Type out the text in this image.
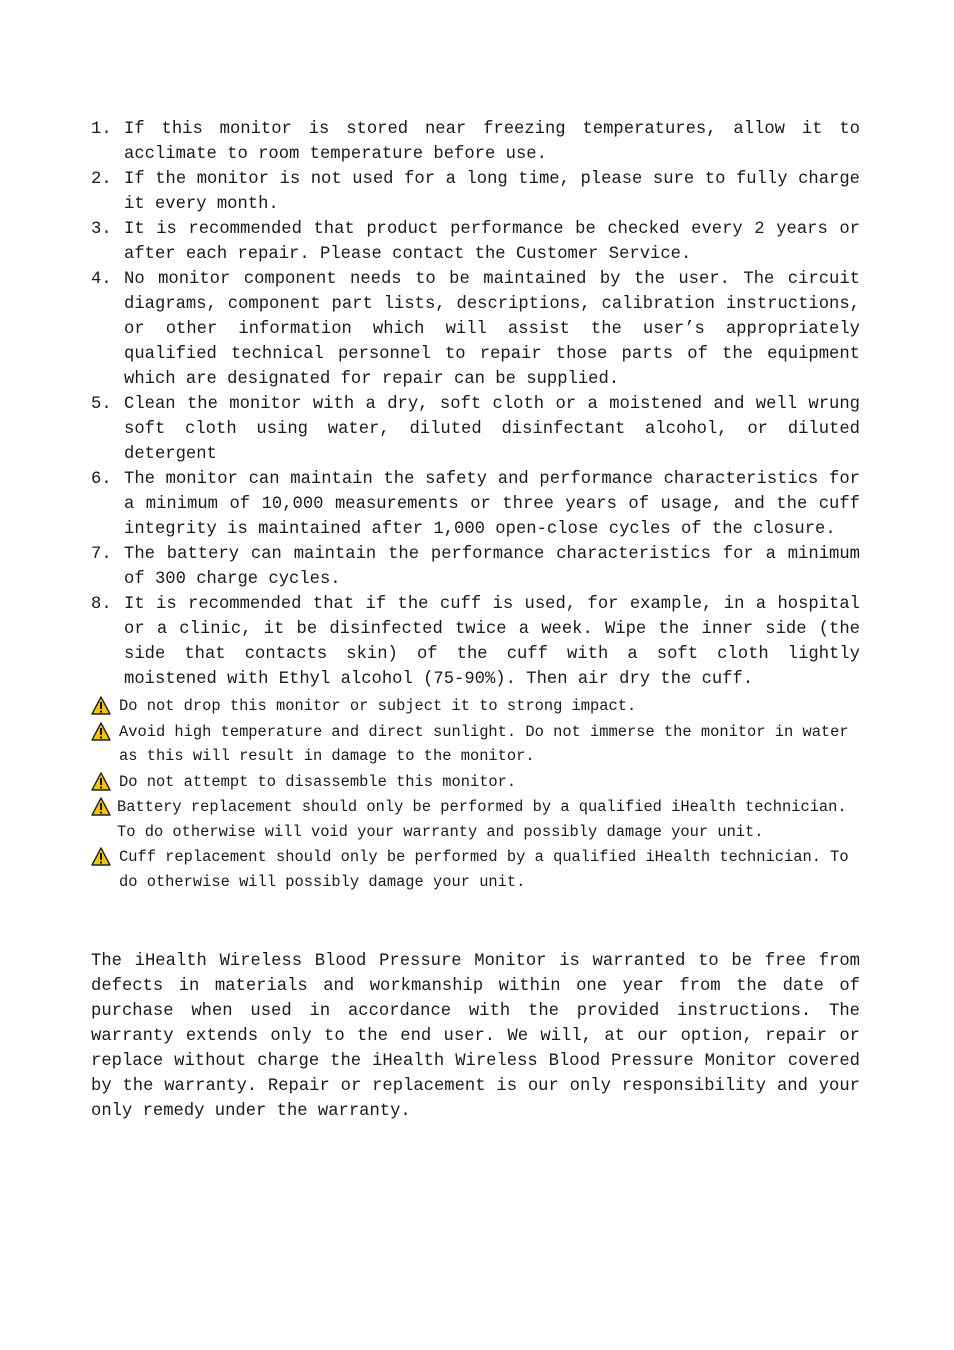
1. If this monitor is stored near freezing temperatures, allow it to acclimate to room temperature before use.
2. If the monitor is not used for a long time, please sure to fully charge it every month.
3. It is recommended that product performance be checked every 2 years or after each repair. Please contact the Customer Service.
4. No monitor component needs to be maintained by the user. The circuit diagrams, component part lists, descriptions, calibration instructions, or other information which will assist the user’s appropriately qualified technical personnel to repair those parts of the equipment which are designated for repair can be supplied.
5. Clean the monitor with a dry, soft cloth or a moistened and well wrung soft cloth using water, diluted disinfectant alcohol, or diluted detergent
6. The monitor can maintain the safety and performance characteristics for a minimum of 10,000 measurements or three years of usage, and the cuff integrity is maintained after 1,000 open-close cycles of the closure.
7. The battery can maintain the performance characteristics for a minimum of 300 charge cycles.
8. It is recommended that if the cuff is used, for example, in a hospital or a clinic, it be disinfected twice a week. Wipe the inner side (the side that contacts skin) of the cuff with a soft cloth lightly moistened with Ethyl alcohol (75-90%). Then air dry the cuff.
Do not drop this monitor or subject it to strong impact.
Avoid high temperature and direct sunlight. Do not immerse the monitor in water as this will result in damage to the monitor.
Do not attempt to disassemble this monitor.
Battery replacement should only be performed by a qualified iHealth technician. To do otherwise will void your warranty and possibly damage your unit.
Cuff replacement should only be performed by a qualified iHealth technician. To do otherwise will possibly damage your unit.

The iHealth Wireless Blood Pressure Monitor is warranted to be free from defects in materials and workmanship within one year from the date of purchase when used in accordance with the provided instructions. The warranty extends only to the end user. We will, at our option, repair or replace without charge the iHealth Wireless Blood Pressure Monitor covered by the warranty. Repair or replacement is our only responsibility and your only remedy under the warranty.
